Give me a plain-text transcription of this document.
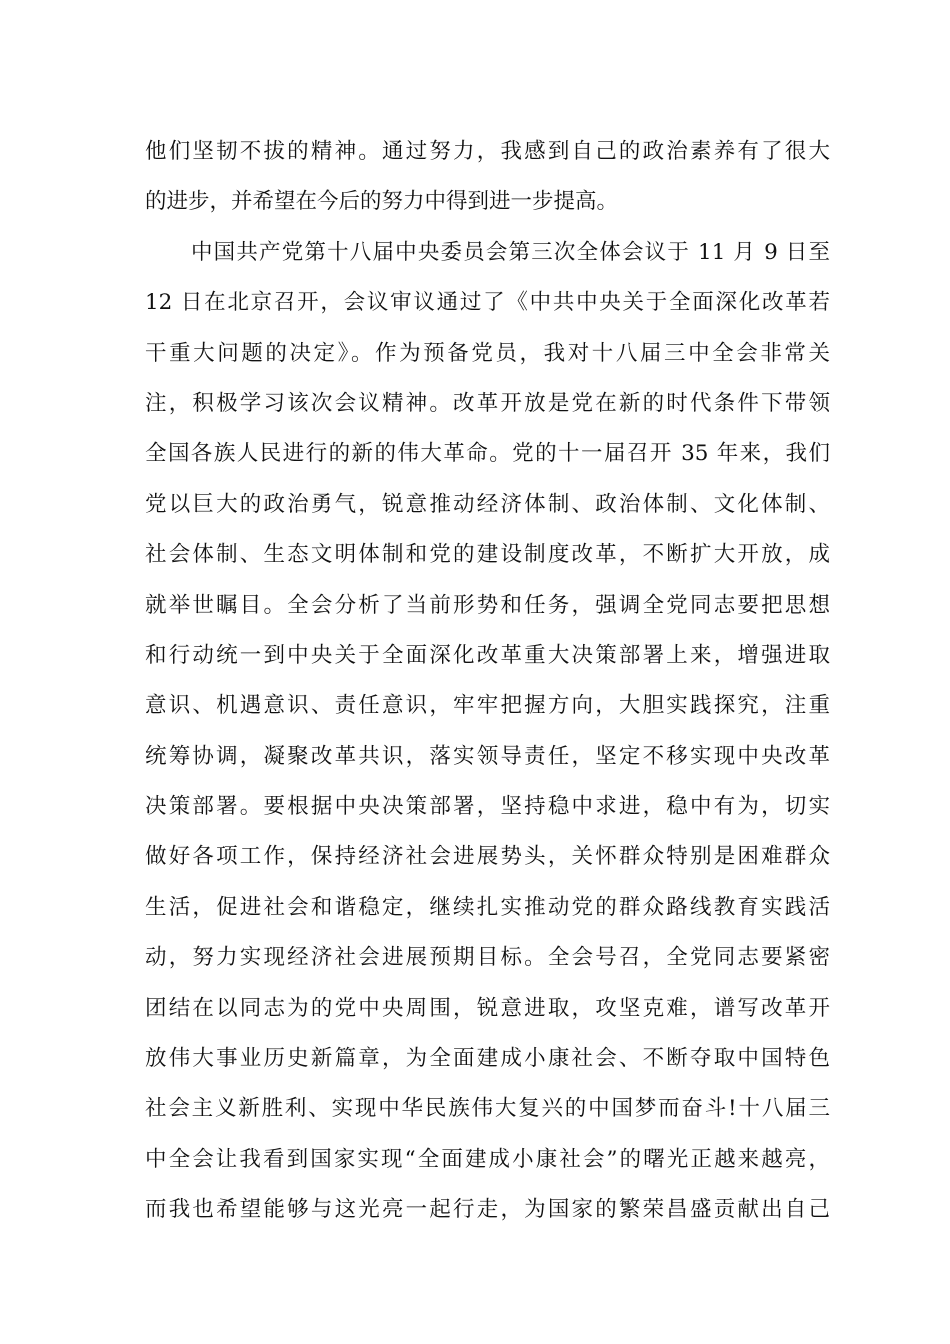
他们坚韧不拔的精神。通过努力，我感到自己的政治素养有了很大
的进步，并希望在今后的努力中得到进一步提高。
中国共产党第十八届中央委员会第三次全体会议于 11 月 9 日至
12 日在北京召开，会议审议通过了《中共中央关于全面深化改革若
干重大问题的决定》。作为预备党员，我对十八届三中全会非常关
注，积极学习该次会议精神。改革开放是党在新的时代条件下带领
全国各族人民进行的新的伟大革命。党的十一届召开 35 年来，我们
党以巨大的政治勇气，锐意推动经济体制、政治体制、文化体制、
社会体制、生态文明体制和党的建设制度改革，不断扩大开放，成
就举世瞩目。全会分析了当前形势和任务，强调全党同志要把思想
和行动统一到中央关于全面深化改革重大决策部署上来，增强进取
意识、机遇意识、责任意识，牢牢把握方向，大胆实践探究，注重
统筹协调，凝聚改革共识，落实领导责任，坚定不移实现中央改革
决策部署。要根据中央决策部署，坚持稳中求进，稳中有为，切实
做好各项工作，保持经济社会进展势头，关怀群众特别是困难群众
生活，促进社会和谐稳定，继续扎实推动党的群众路线教育实践活
动，努力实现经济社会进展预期目标。全会号召，全党同志要紧密
团结在以同志为的党中央周围，锐意进取，攻坚克难，谱写改革开
放伟大事业历史新篇章，为全面建成小康社会、不断夺取中国特色
社会主义新胜利、实现中华民族伟大复兴的中国梦而奋斗!十八届三
中全会让我看到国家实现“全面建成小康社会”的曙光正越来越亮，
而我也希望能够与这光亮一起行走，为国家的繁荣昌盛贡献出自己
